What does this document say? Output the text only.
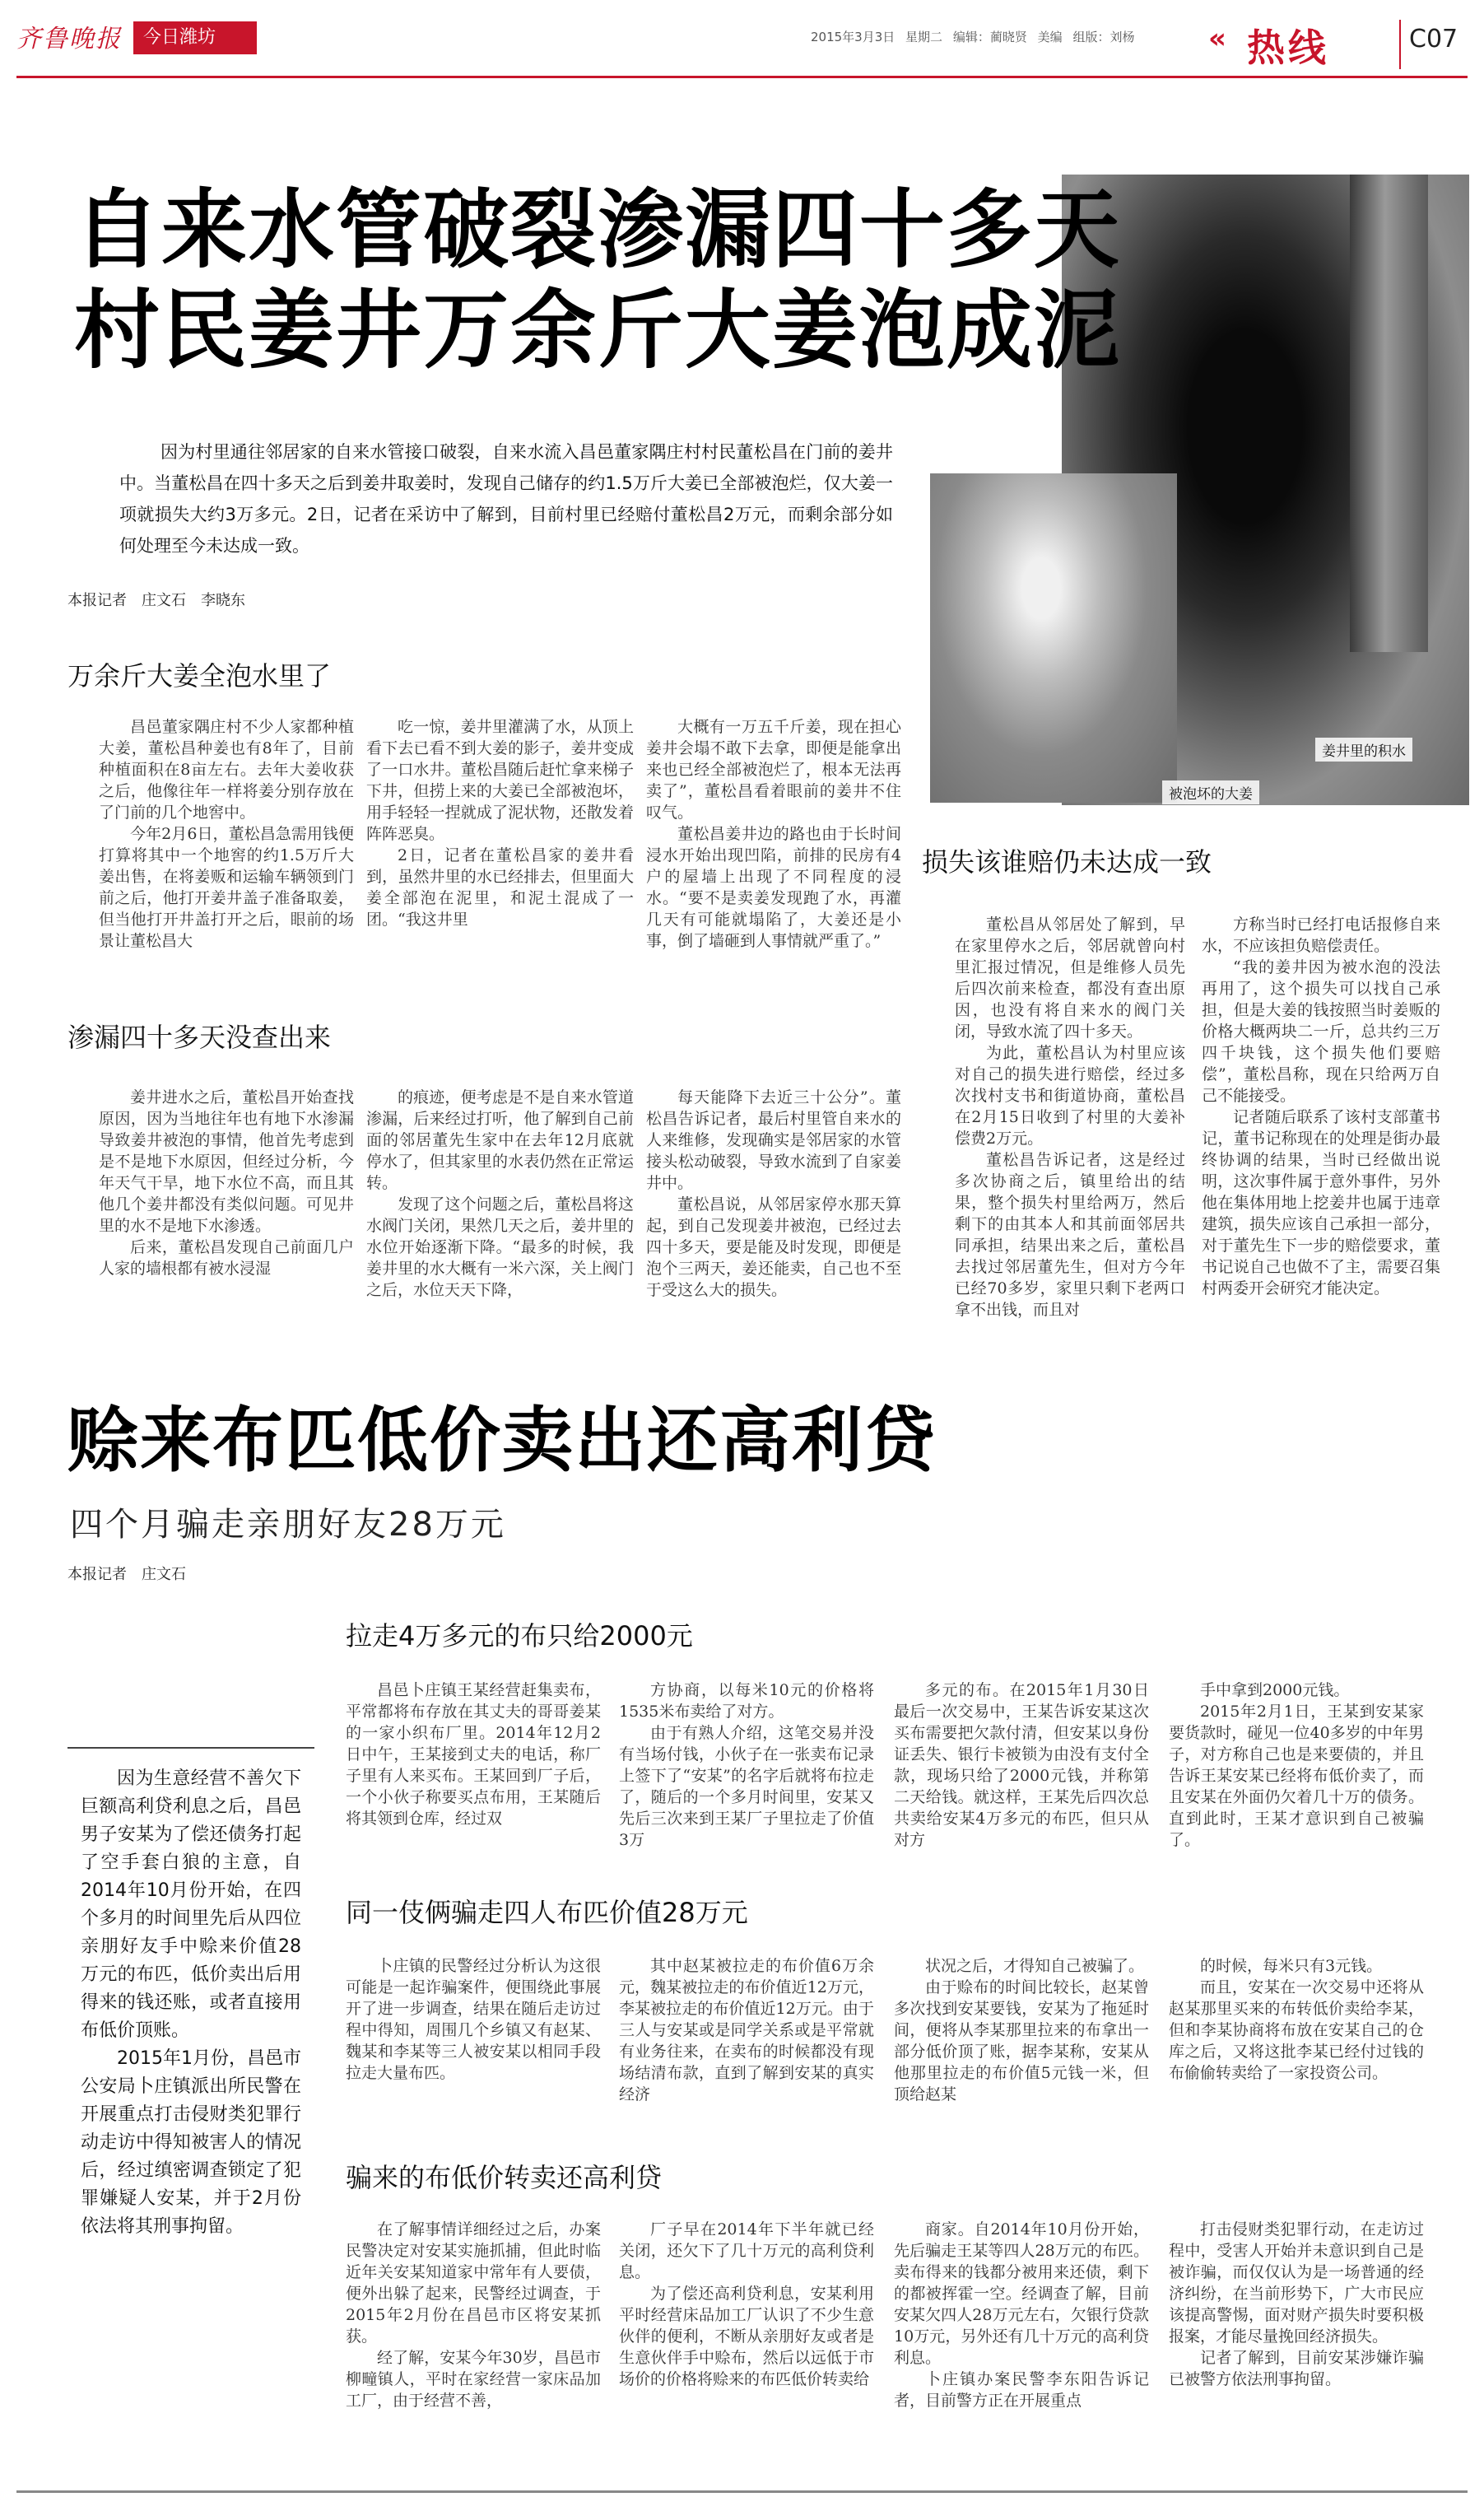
齐鲁晚报	今日潍坊	2015年3月3日 星期二 编辑：蔺晓贤 美编 组版：刘杨	« 热线	C07
姜井里的积水
被泡坏的大姜
自来水管破裂渗漏四十多天
村民姜井万余斤大姜泡成泥
因为村里通往邻居家的自来水管接口破裂，自来水流入昌邑董家隅庄村村民董松昌在门前的姜井中。当董松昌在四十多天之后到姜井取姜时，发现自己储存的约1.5万斤大姜已全部被泡烂，仅大姜一项就损失大约3万多元。2日，记者在采访中了解到，目前村里已经赔付董松昌2万元，而剩余部分如何处理至今未达成一致。
本报记者　庄文石　李晓东
万余斤大姜全泡水里了

昌邑董家隅庄村不少人家都种植大姜，董松昌种姜也有8年了，目前种植面积在8亩左右。去年大姜收获之后，他像往年一样将姜分别存放在了门前的几个地窖中。

今年2月6日，董松昌急需用钱便打算将其中一个地窖的约1.5万斤大姜出售，在将姜贩和运输车辆领到门前之后，他打开姜井盖子准备取姜，但当他打开井盖打开之后，眼前的场景让董松昌大

吃一惊，姜井里灌满了水，从顶上看下去已看不到大姜的影子，姜井变成了一口水井。董松昌随后赶忙拿来梯子下井，但捞上来的大姜已全部被泡坏，用手轻轻一捏就成了泥状物，还散发着阵阵恶臭。

2日，记者在董松昌家的姜井看到，虽然井里的水已经排去，但里面大姜全部泡在泥里，和泥土混成了一团。“我这井里

大概有一万五千斤姜，现在担心姜井会塌不敢下去拿，即便是能拿出来也已经全部被泡烂了，根本无法再卖了”，董松昌看着眼前的姜井不住叹气。

董松昌姜井边的路也由于长时间浸水开始出现凹陷，前排的民房有4户的屋墙上出现了不同程度的浸水。“要不是卖姜发现跑了水，再灌几天有可能就塌陷了，大姜还是小事，倒了墙砸到人事情就严重了。”

渗漏四十多天没查出来

姜井进水之后，董松昌开始查找原因，因为当地往年也有地下水渗漏导致姜井被泡的事情，他首先考虑到是不是地下水原因，但经过分析，今年天气干旱，地下水位不高，而且其他几个姜井都没有类似问题。可见井里的水不是地下水渗透。

后来，董松昌发现自己前面几户人家的墙根都有被水浸湿

的痕迹，便考虑是不是自来水管道渗漏，后来经过打听，他了解到自己前面的邻居董先生家中在去年12月底就停水了，但其家里的水表仍然在正常运转。

发现了这个问题之后，董松昌将这水阀门关闭，果然几天之后，姜井里的水位开始逐渐下降。“最多的时候，我姜井里的水大概有一米六深，关上阀门之后，水位天天下降，

每天能降下去近三十公分”。董松昌告诉记者，最后村里管自来水的人来维修，发现确实是邻居家的水管接头松动破裂，导致水流到了自家姜井中。

董松昌说，从邻居家停水那天算起，到自己发现姜井被泡，已经过去四十多天，要是能及时发现，即便是泡个三两天，姜还能卖，自己也不至于受这么大的损失。

损失该谁赔仍未达成一致

董松昌从邻居处了解到，早在家里停水之后，邻居就曾向村里汇报过情况，但是维修人员先后四次前来检查，都没有查出原因，也没有将自来水的阀门关闭，导致水流了四十多天。

为此，董松昌认为村里应该对自己的损失进行赔偿，经过多次找村支书和街道协商，董松昌在2月15日收到了村里的大姜补偿费2万元。

董松昌告诉记者，这是经过多次协商之后，镇里给出的结果，整个损失村里给两万，然后剩下的由其本人和其前面邻居共同承担，结果出来之后，董松昌去找过邻居董先生，但对方今年已经70多岁，家里只剩下老两口拿不出钱，而且对

方称当时已经打电话报修自来水，不应该担负赔偿责任。

“我的姜井因为被水泡的没法再用了，这个损失可以找自己承担，但是大姜的钱按照当时姜贩的价格大概两块二一斤，总共约三万四千块钱，这个损失他们要赔偿”，董松昌称，现在只给两万自己不能接受。

记者随后联系了该村支部董书记，董书记称现在的处理是街办最终协调的结果，当时已经做出说明，这次事件属于意外事件，另外他在集体用地上挖姜井也属于违章建筑，损失应该自己承担一部分，对于董先生下一步的赔偿要求，董书记说自己也做不了主，需要召集村两委开会研究才能决定。

赊来布匹低价卖出还高利贷
四个月骗走亲朋好友28万元
本报记者　庄文石

因为生意经营不善欠下巨额高利贷利息之后，昌邑男子安某为了偿还债务打起了空手套白狼的主意，自2014年10月份开始，在四个多月的时间里先后从四位亲朋好友手中赊来价值28万元的布匹，低价卖出后用得来的钱还账，或者直接用布低价顶账。

2015年1月份，昌邑市公安局卜庄镇派出所民警在开展重点打击侵财类犯罪行动走访中得知被害人的情况后，经过缜密调查锁定了犯罪嫌疑人安某，并于2月份依法将其刑事拘留。

拉走4万多元的布只给2000元

昌邑卜庄镇王某经营赶集卖布，平常都将布存放在其丈夫的哥哥姜某的一家小织布厂里。2014年12月2日中午，王某接到丈夫的电话，称厂子里有人来买布。王某回到厂子后，一个小伙子称要买点布用，王某随后将其领到仓库，经过双

方协商，以每米10元的价格将1535米布卖给了对方。

由于有熟人介绍，这笔交易并没有当场付钱，小伙子在一张卖布记录上签下了“安某”的名字后就将布拉走了，随后的一个多月时间里，安某又先后三次来到王某厂子里拉走了价值3万

多元的布。在2015年1月30日最后一次交易中，王某告诉安某这次买布需要把欠款付清，但安某以身份证丢失、银行卡被锁为由没有支付全款，现场只给了2000元钱，并称第二天给钱。就这样，王某先后四次总共卖给安某4万多元的布匹，但只从对方

手中拿到2000元钱。

2015年2月1日，王某到安某家要货款时，碰见一位40多岁的中年男子，对方称自己也是来要债的，并且告诉王某安某已经将布低价卖了，而且安某在外面仍欠着几十万的债务。直到此时，王某才意识到自己被骗了。

同一伎俩骗走四人布匹价值28万元

卜庄镇的民警经过分析认为这很可能是一起诈骗案件，便围绕此事展开了进一步调查，结果在随后走访过程中得知，周围几个乡镇又有赵某、魏某和李某等三人被安某以相同手段拉走大量布匹。

其中赵某被拉走的布价值6万余元，魏某被拉走的布价值近12万元，李某被拉走的布价值近12万元。由于三人与安某或是同学关系或是平常就有业务往来，在卖布的时候都没有现场结清布款，直到了解到安某的真实经济

状况之后，才得知自己被骗了。

由于赊布的时间比较长，赵某曾多次找到安某要钱，安某为了拖延时间，便将从李某那里拉来的布拿出一部分低价顶了账，据李某称，安某从他那里拉走的布价值5元钱一米，但顶给赵某

的时候，每米只有3元钱。

而且，安某在一次交易中还将从赵某那里买来的布转低价卖给李某，但和李某协商将布放在安某自己的仓库之后，又将这批李某已经付过钱的布偷偷转卖给了一家投资公司。

骗来的布低价转卖还高利贷

在了解事情详细经过之后，办案民警决定对安某实施抓捕，但此时临近年关安某知道家中常年有人要债，便外出躲了起来，民警经过调查，于2015年2月份在昌邑市区将安某抓获。

经了解，安某今年30岁，昌邑市柳疃镇人，平时在家经营一家床品加工厂，由于经营不善，

厂子早在2014年下半年就已经关闭，还欠下了几十万元的高利贷利息。

为了偿还高利贷利息，安某利用平时经营床品加工厂认识了不少生意伙伴的便利，不断从亲朋好友或者是生意伙伴手中赊布，然后以远低于市场价的价格将赊来的布匹低价转卖给

商家。自2014年10月份开始，先后骗走王某等四人28万元的布匹。卖布得来的钱都分被用来还债，剩下的都被挥霍一空。经调查了解，目前安某欠四人28万元左右，欠银行贷款10万元，另外还有几十万元的高利贷利息。

卜庄镇办案民警李东阳告诉记者，目前警方正在开展重点

打击侵财类犯罪行动，在走访过程中，受害人开始并未意识到自己是被诈骗，而仅仅认为是一场普通的经济纠纷，在当前形势下，广大市民应该提高警惕，面对财产损失时要积极报案，才能尽量挽回经济损失。

记者了解到，目前安某涉嫌诈骗已被警方依法刑事拘留。
